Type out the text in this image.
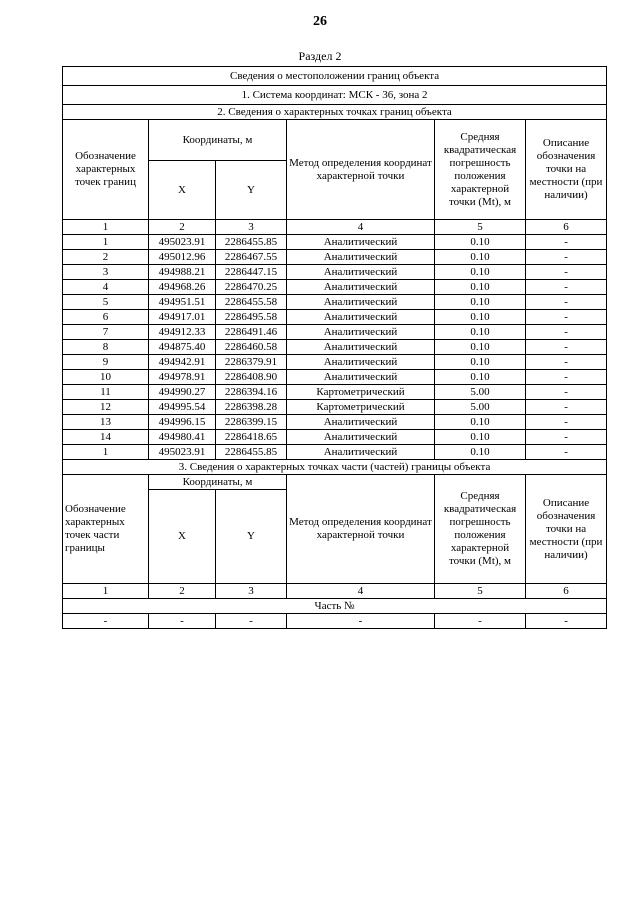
26
Раздел 2
Сведения о местоположении границ объекта					
1. Система координат: МСК - 36, зона 2					
2. Сведения о характерных точках границ объекта					
Обозначение характерных точек границ	Координаты, м		Метод определения координат характерной точки	Средняя квадратическая погрешность положения характерной точки (Mt), м	Описание обозначения точки на местности (при наличии)
	X	Y			
1	2	3	4	5	6
1	495023.91	2286455.85	Аналитический	0.10	-
2	495012.96	2286467.55	Аналитический	0.10	-
3	494988.21	2286447.15	Аналитический	0.10	-
4	494968.26	2286470.25	Аналитический	0.10	-
5	494951.51	2286455.58	Аналитический	0.10	-
6	494917.01	2286495.58	Аналитический	0.10	-
7	494912.33	2286491.46	Аналитический	0.10	-
8	494875.40	2286460.58	Аналитический	0.10	-
9	494942.91	2286379.91	Аналитический	0.10	-
10	494978.91	2286408.90	Аналитический	0.10	-
11	494990.27	2286394.16	Картометрический	5.00	-
12	494995.54	2286398.28	Картометрический	5.00	-
13	494996.15	2286399.15	Аналитический	0.10	-
14	494980.41	2286418.65	Аналитический	0.10	-
1	495023.91	2286455.85	Аналитический	0.10	-
3. Сведения о характерных точках части (частей) границы объекта					
Обозначение характерных точек части границы	Координаты, м		Метод определения координат характерной точки	Средняя квадратическая погрешность положения характерной точки (Mt), м	Описание обозначения точки на местности (при наличии)
	X	Y			
1	2	3	4	5	6
Часть №					
-	-	-	-	-	-
